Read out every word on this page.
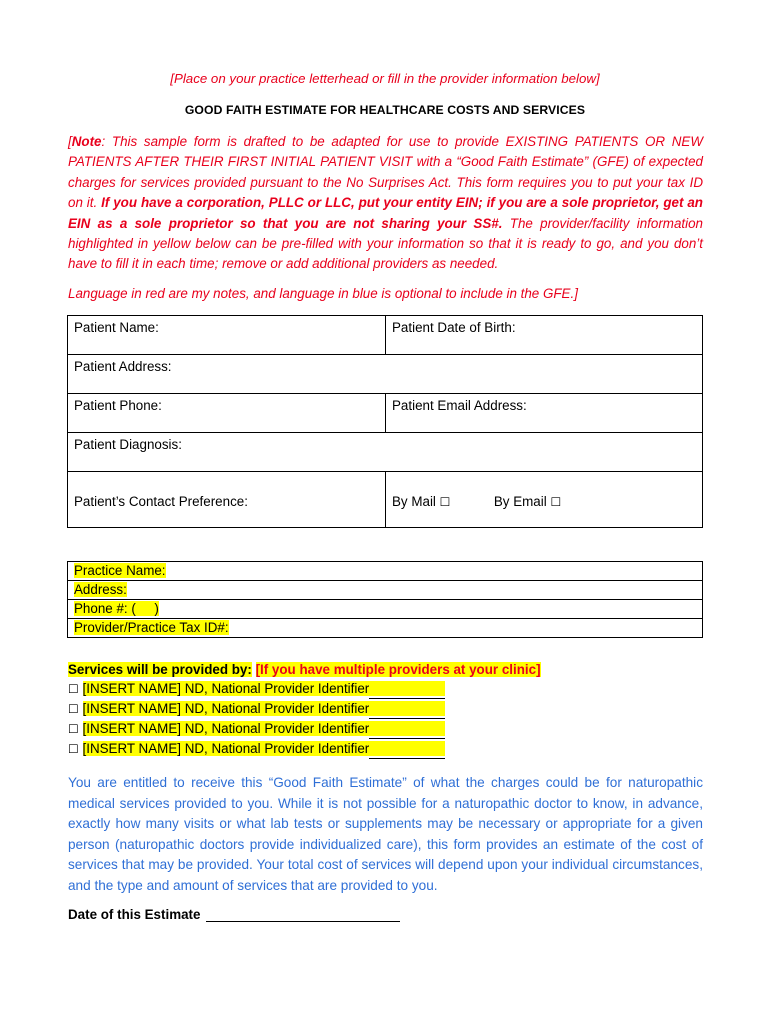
[Place on your practice letterhead or fill in the provider information below]
GOOD FAITH ESTIMATE FOR HEALTHCARE COSTS AND SERVICES
[Note: This sample form is drafted to be adapted for use to provide EXISTING PATIENTS OR NEW PATIENTS AFTER THEIR FIRST INITIAL PATIENT VISIT with a “Good Faith Estimate” (GFE) of expected charges for services provided pursuant to the No Surprises Act. This form requires you to put your tax ID on it. If you have a corporation, PLLC or LLC, put your entity EIN; if you are a sole proprietor, get an EIN as a sole proprietor so that you are not sharing your SS#. The provider/facility information highlighted in yellow below can be pre-filled with your information so that it is ready to go, and you don’t have to fill it in each time; remove or add additional providers as needed.
Language in red are my notes, and language in blue is optional to include in the GFE.]
Patient Name:	Patient Date of Birth:
Patient Address:	
Patient Phone:	Patient Email Address:
Patient Diagnosis:	
Patient’s Contact Preference:	By Mail ☐ By Email ☐
Practice Name:
Address:
Phone #: ( )
Provider/Practice Tax ID#:
Services will be provided by: [If you have multiple providers at your clinic]
☐ [INSERT NAME] ND, National Provider Identifier
☐ [INSERT NAME] ND, National Provider Identifier
☐ [INSERT NAME] ND, National Provider Identifier
☐ [INSERT NAME] ND, National Provider Identifier
You are entitled to receive this “Good Faith Estimate” of what the charges could be for naturopathic medical services provided to you. While it is not possible for a naturopathic doctor to know, in advance, exactly how many visits or what lab tests or supplements may be necessary or appropriate for a given person (naturopathic doctors provide individualized care), this form provides an estimate of the cost of services that may be provided. Your total cost of services will depend upon your individual circumstances, and the type and amount of services that are provided to you.
Date of this Estimate
